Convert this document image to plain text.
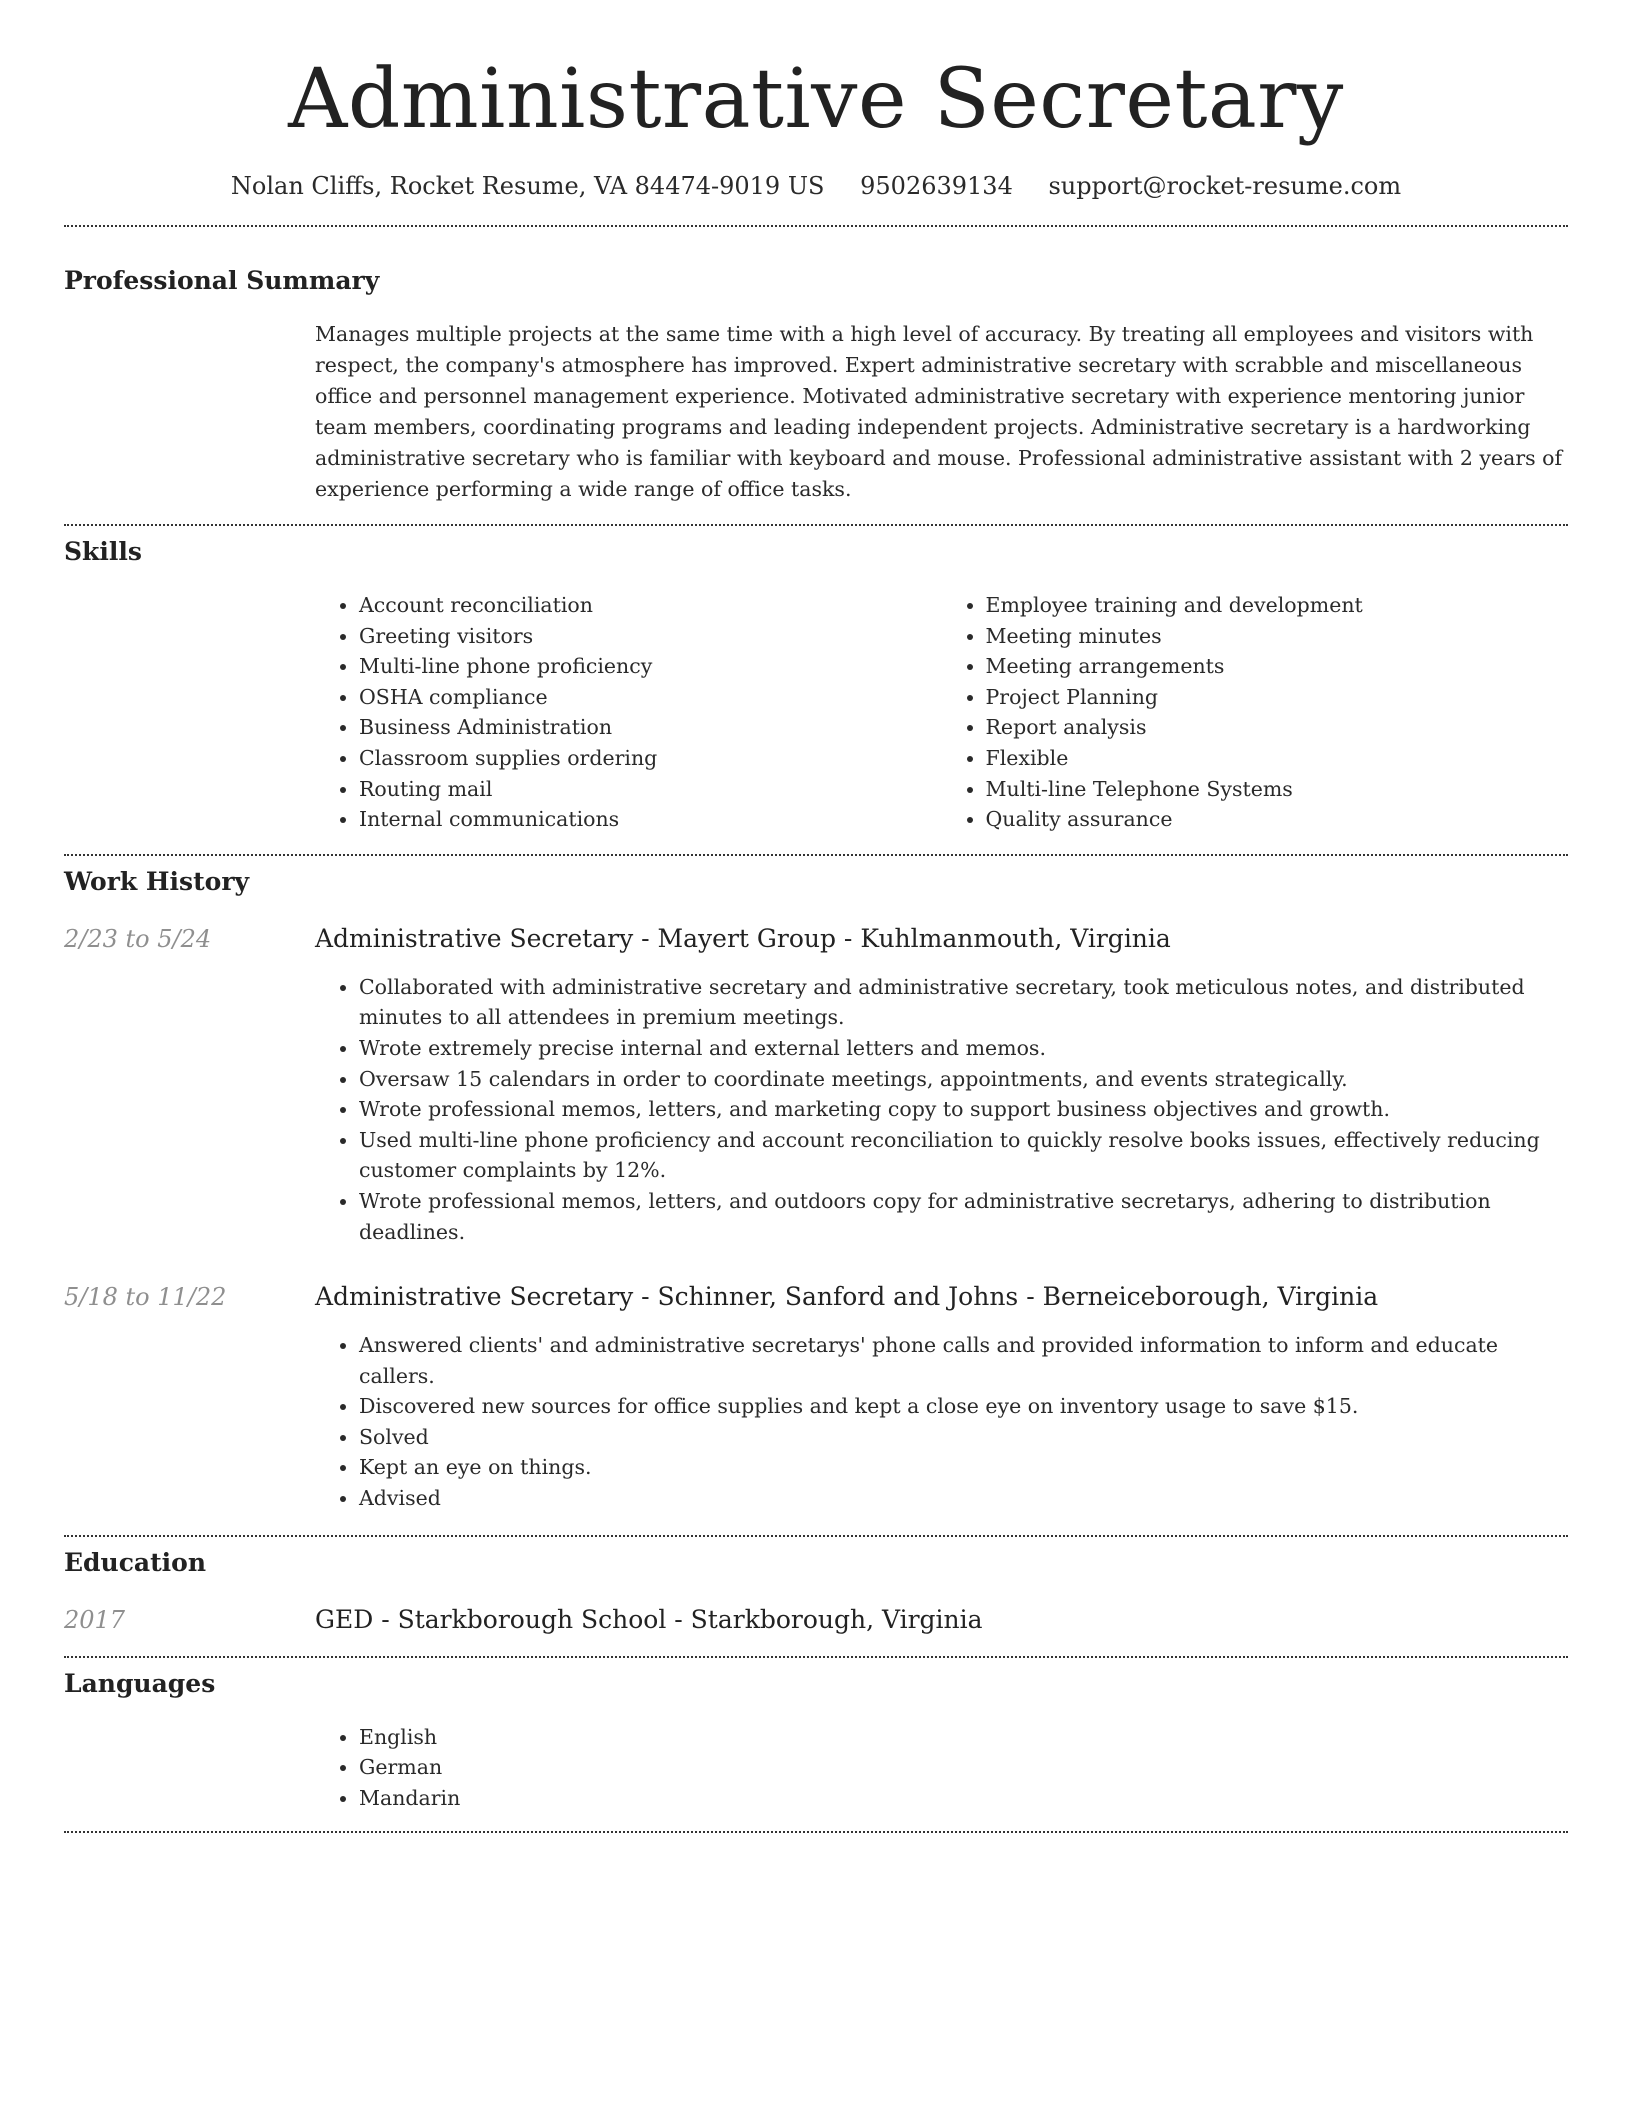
Administrative Secretary
Nolan Cliffs, Rocket Resume, VA 84474-9019 US 9502639134 support@rocket-resume.com
Professional Summary

Manages multiple projects at the same time with a high level of accuracy. By treating all employees and visitors with respect, the company's atmosphere has improved. Expert administrative secretary with scrabble and miscellaneous office and personnel management experience. Motivated administrative secretary with experience mentoring junior team members, coordinating programs and leading independent projects. Administrative secretary is a hardworking administrative secretary who is familiar with keyboard and mouse. Professional administrative assistant with 2 years of experience performing a wide range of office tasks.

Skills
• Account reconciliation
• Greeting visitors
• Multi-line phone proficiency
• OSHA compliance
• Business Administration
• Classroom supplies ordering
• Routing mail
• Internal communications
• Employee training and development
• Meeting minutes
• Meeting arrangements
• Project Planning
• Report analysis
• Flexible
• Multi-line Telephone Systems
• Quality assurance
Work History
2/23 to 5/24	Administrative Secretary - Mayert Group - Kuhlmanmouth, Virginia
• Collaborated with administrative secretary and administrative secretary, took meticulous notes, and distributed minutes to all attendees in premium meetings.
• Wrote extremely precise internal and external letters and memos.
• Oversaw 15 calendars in order to coordinate meetings, appointments, and events strategically.
• Wrote professional memos, letters, and marketing copy to support business objectives and growth.
• Used multi-line phone proficiency and account reconciliation to quickly resolve books issues, effectively reducing customer complaints by 12%.
• Wrote professional memos, letters, and outdoors copy for administrative secretarys, adhering to distribution deadlines.
5/18 to 11/22	Administrative Secretary - Schinner, Sanford and Johns - Berneiceborough, Virginia
• Answered clients' and administrative secretarys' phone calls and provided information to inform and educate callers.
• Discovered new sources for office supplies and kept a close eye on inventory usage to save $15.
• Solved
• Kept an eye on things.
• Advised
Education
2017	GED - Starkborough School - Starkborough, Virginia
Languages
• English
• German
• Mandarin
